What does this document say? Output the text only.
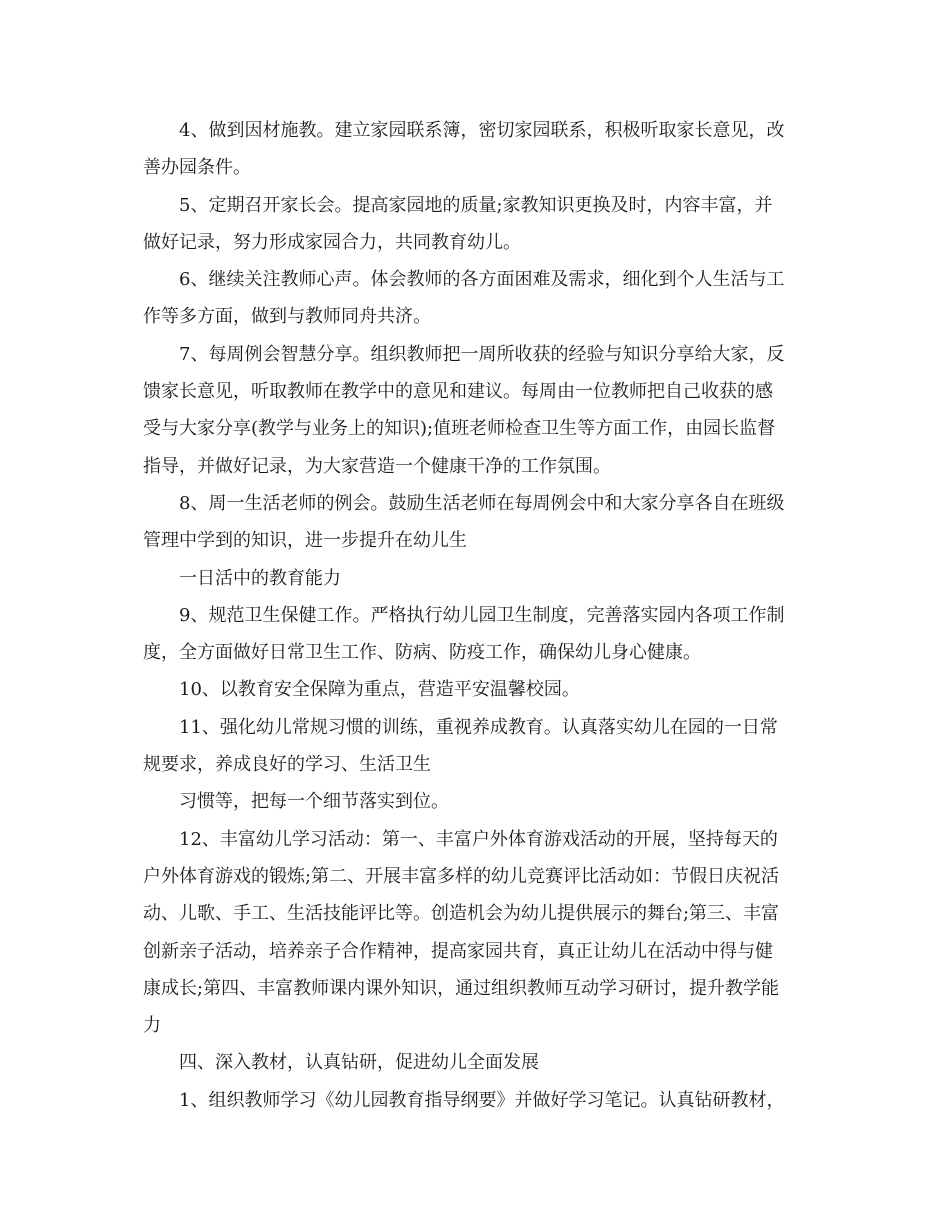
4、做到因材施教。建立家园联系簿，密切家园联系，积极听取家长意见，改
善办园条件。

5、定期召开家长会。提高家园地的质量;家教知识更换及时，内容丰富，并
做好记录，努力形成家园合力，共同教育幼儿。

6、继续关注教师心声。体会教师的各方面困难及需求，细化到个人生活与工
作等多方面，做到与教师同舟共济。

7、每周例会智慧分享。组织教师把一周所收获的经验与知识分享给大家，反
馈家长意见，听取教师在教学中的意见和建议。每周由一位教师把自己收获的感
受与大家分享(教学与业务上的知识);值班老师检查卫生等方面工作，由园长监督
指导，并做好记录，为大家营造一个健康干净的工作氛围。

8、周一生活老师的例会。鼓励生活老师在每周例会中和大家分享各自在班级
管理中学到的知识，进一步提升在幼儿生

一日活中的教育能力

9、规范卫生保健工作。严格执行幼儿园卫生制度，完善落实园内各项工作制
度，全方面做好日常卫生工作、防病、防疫工作，确保幼儿身心健康。

10、以教育安全保障为重点，营造平安温馨校园。

11、强化幼儿常规习惯的训练，重视养成教育。认真落实幼儿在园的一日常
规要求，养成良好的学习、生活卫生

习惯等，把每一个细节落实到位。

12、丰富幼儿学习活动：第一、丰富户外体育游戏活动的开展，坚持每天的
户外体育游戏的锻炼;第二、开展丰富多样的幼儿竞赛评比活动如：节假日庆祝活
动、儿歌、手工、生活技能评比等。创造机会为幼儿提供展示的舞台;第三、丰富
创新亲子活动，培养亲子合作精神，提高家园共育，真正让幼儿在活动中得与健
康成长;第四、丰富教师课内课外知识，通过组织教师互动学习研讨，提升教学能
力

四、深入教材，认真钻研，促进幼儿全面发展

1、组织教师学习《幼儿园教育指导纲要》并做好学习笔记。认真钻研教材，
